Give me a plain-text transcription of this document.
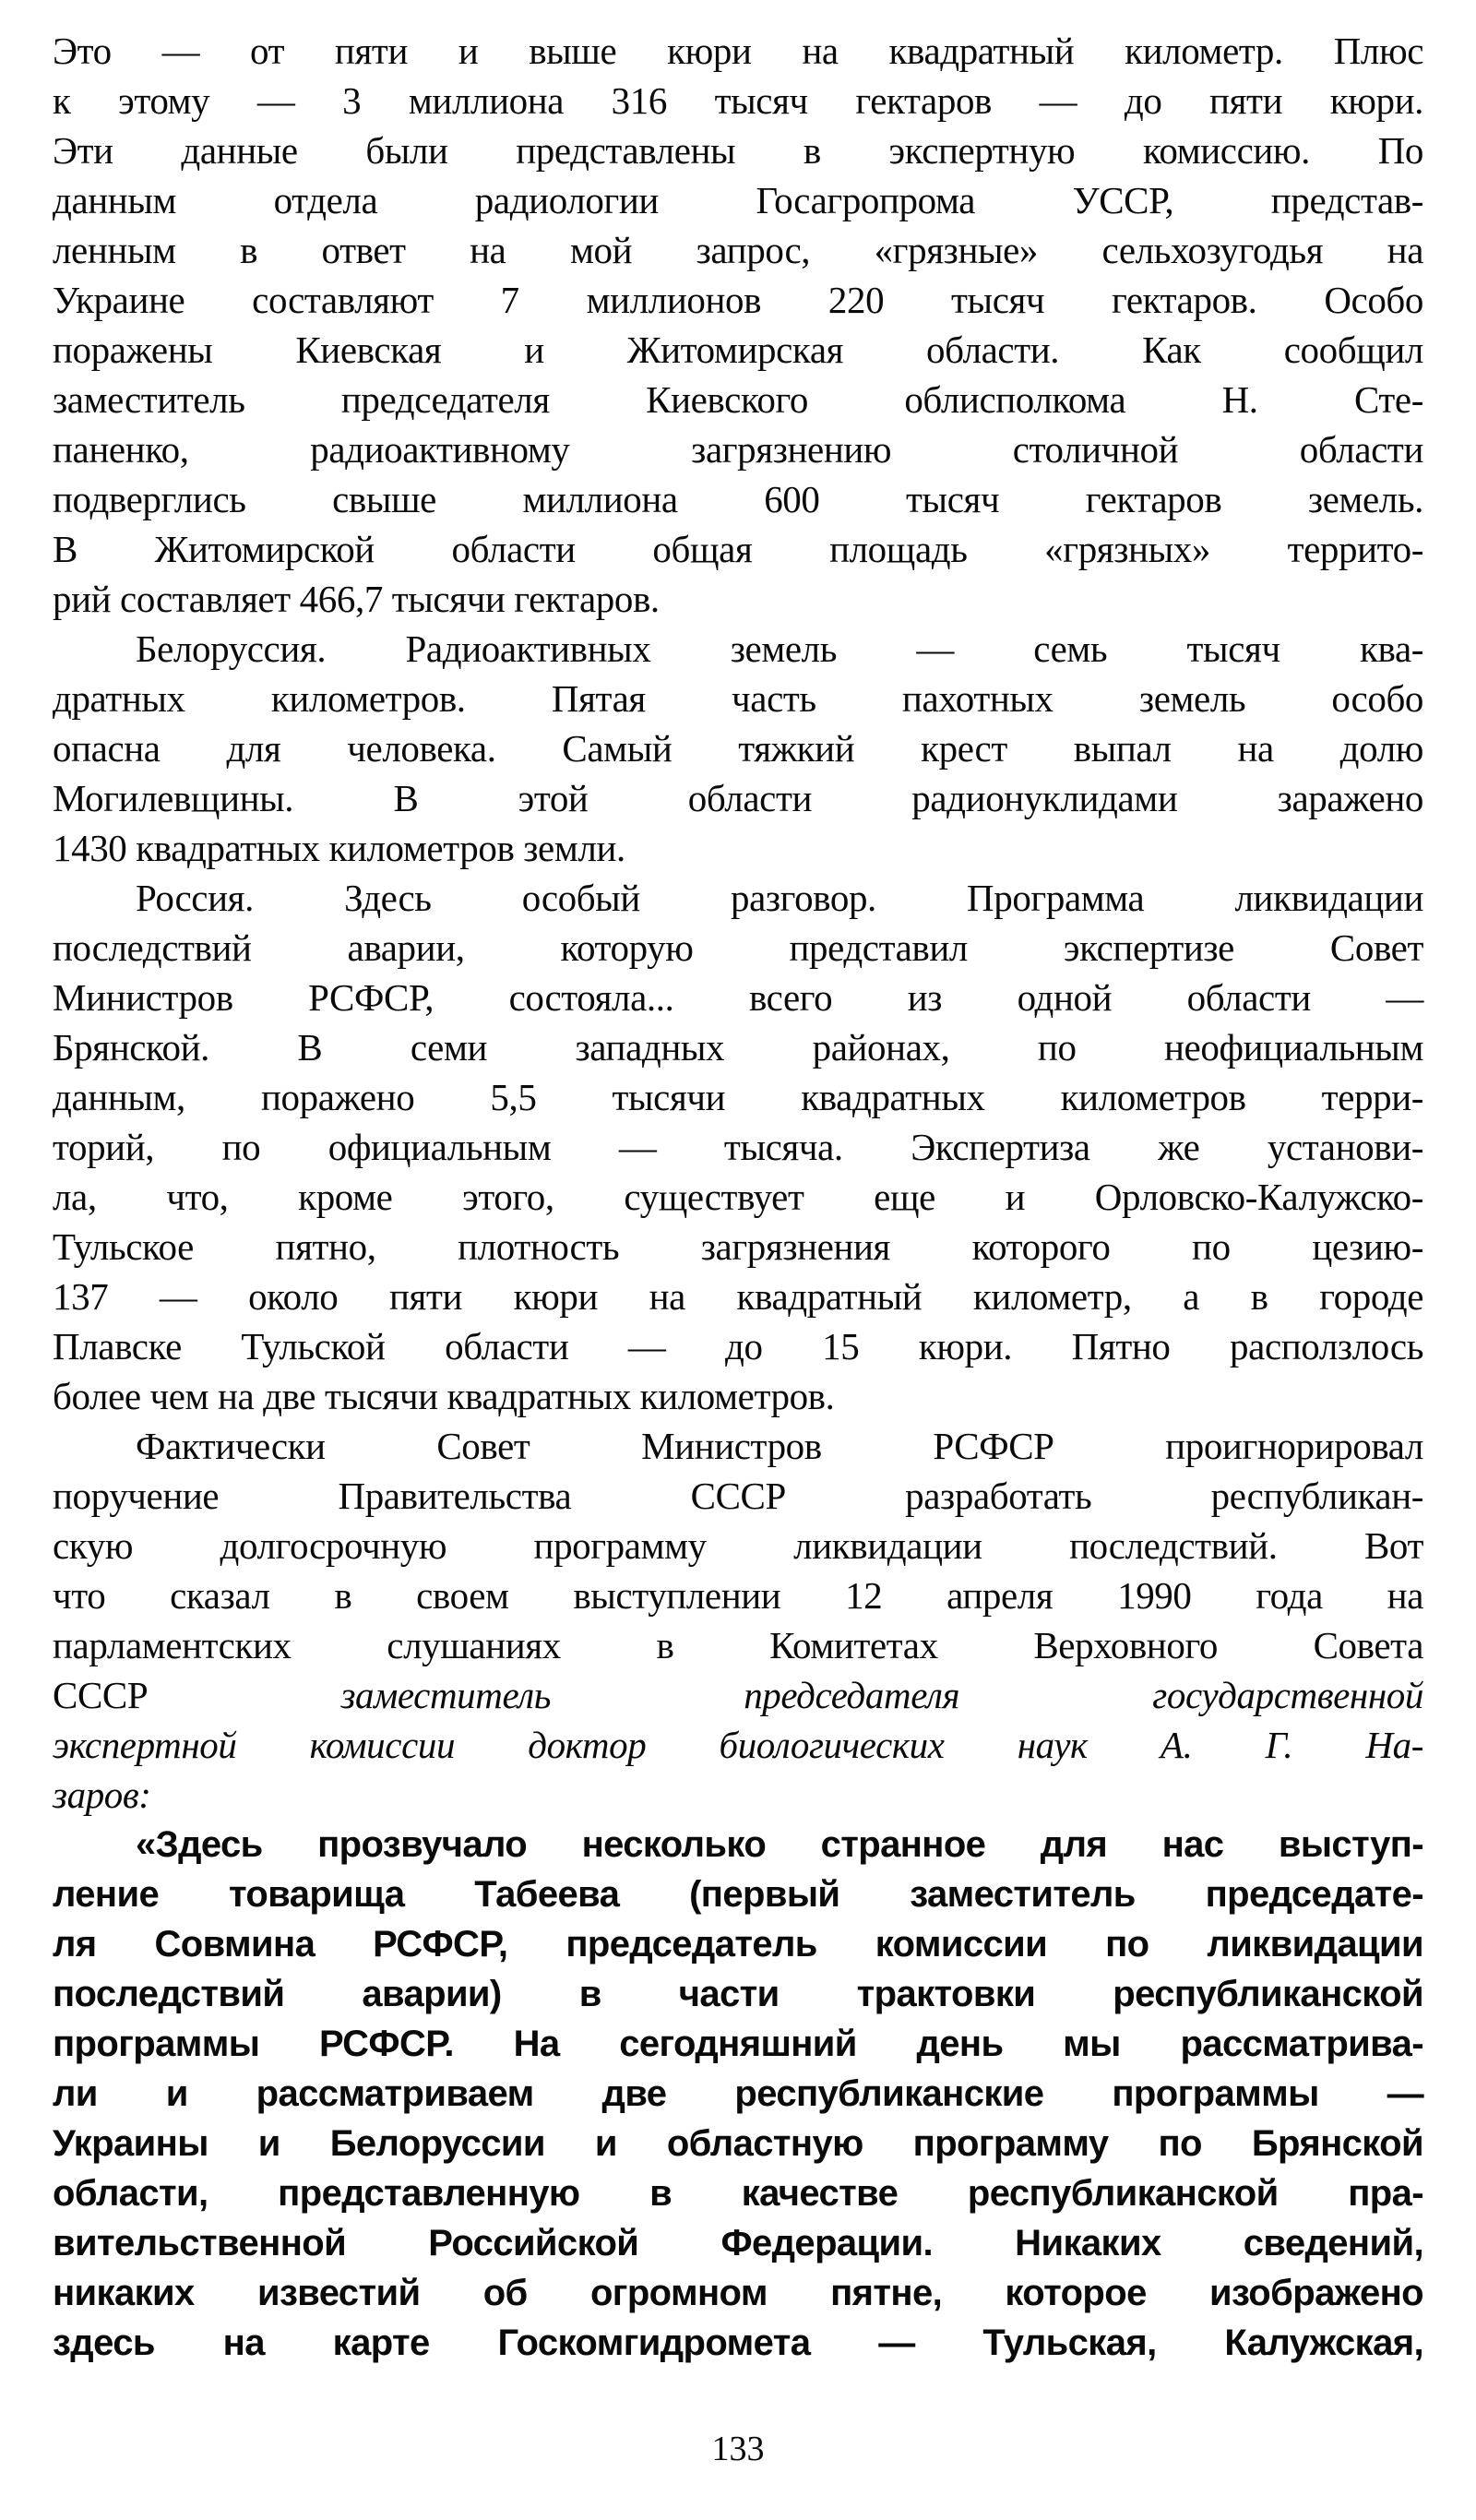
Это — от пяти и выше кюри на квадратный километр. Плюс
к этому — 3 миллиона 316 тысяч гектаров — до пяти кюри.
Эти данные были представлены в экспертную комиссию. По
данным отдела радиологии Госагропрома УССР, представ-
ленным в ответ на мой запрос, «грязные» сельхозугодья на
Украине составляют 7 миллионов 220 тысяч гектаров. Особо
поражены Киевская и Житомирская области. Как сообщил
заместитель председателя Киевского облисполкома Н. Сте-
паненко, радиоактивному загрязнению столичной области
подверглись свыше миллиона 600 тысяч гектаров земель.
В Житомирской области общая площадь «грязных» террито-
рий составляет 466,7 тысячи гектаров.
Белоруссия. Радиоактивных земель — семь тысяч ква-
дратных километров. Пятая часть пахотных земель особо
опасна для человека. Самый тяжкий крест выпал на долю
Могилевщины. В этой области радионуклидами заражено
1430 квадратных километров земли.
Россия. Здесь особый разговор. Программа ликвидации
последствий аварии, которую представил экспертизе Совет
Министров РСФСР, состояла... всего из одной области —
Брянской. В семи западных районах, по неофициальным
данным, поражено 5,5 тысячи квадратных километров терри-
торий, по официальным — тысяча. Экспертиза же установи-
ла, что, кроме этого, существует еще и Орловско-Калужско-
Тульское пятно, плотность загрязнения которого по цезию-
137 — около пяти кюри на квадратный километр, а в городе
Плавске Тульской области — до 15 кюри. Пятно расползлось
более чем на две тысячи квадратных километров.
Фактически Совет Министров РСФСР проигнорировал
поручение Правительства СССР разработать республикан-
скую долгосрочную программу ликвидации последствий. Вот
что сказал в своем выступлении 12 апреля 1990 года на
парламентских слушаниях в Комитетах Верховного Совета
СССР	заместитель председателя государственной
экспертной комиссии доктор биологических наук А. Г. На-
заров:
«Здесь прозвучало несколько странное для нас выступ-
ление товарища Табеева (первый заместитель председате-
ля Совмина РСФСР, председатель комиссии по ликвидации
последствий аварии) в части трактовки республиканской
программы РСФСР. На сегодняшний день мы рассматрива-
ли и рассматриваем две республиканские программы —
Украины и Белоруссии и областную программу по Брянской
области, представленную в качестве республиканской пра-
вительственной Российской Федерации. Никаких сведений,
никаких известий об огромном пятне, которое изображено
здесь на карте Госкомгидромета — Тульская, Калужская,
133
